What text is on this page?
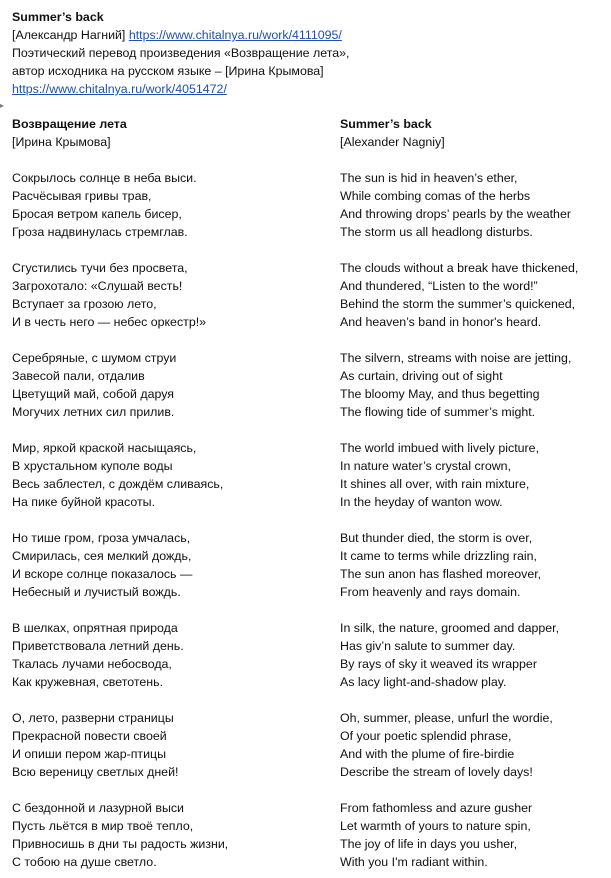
Summer’s back
[Александр Нагний] https://www.chitalnya.ru/work/4111095/
Поэтический перевод произведения «Возвращение лета»,
автор исходника на русском языке – [Ирина Крымова]
https://www.chitalnya.ru/work/4051472/
▸
Возвращение лета
[Ирина Крымова]
Сокрылось солнце в неба выси.
Расчёсывая гривы трав,
Бросая ветром капель бисер,
Гроза надвинулась стремглав.
Сгустились тучи без просвета,
Загрохотало: «Слушай весть!
Вступает за грозою лето,
И в честь него — небес оркестр!»
Серебряные, с шумом струи
Завесой пали, отдалив
Цветущий май, собой даруя
Могучих летних сил прилив.
Мир, яркой краской насыщаясь,
В хрустальном куполе воды
Весь заблестел, с дождём сливаясь,
На пике буйной красоты.
Но тише гром, гроза умчалась,
Смирилась, сея мелкий дождь,
И вскоре солнце показалось —
Небесный и лучистый вождь.
В шелках, опрятная природа
Приветствовала летний день.
Ткалась лучами небосвода,
Как кружевная, светотень.
О, лето, разверни страницы
Прекрасной повести своей
И опиши пером жар-птицы
Всю вереницу светлых дней!
С бездонной и лазурной выси
Пусть льётся в мир твоё тепло,
Привносишь в дни ты радость жизни,
С тобою на душе светло.
Summer’s back
[Alexander Nagniy]
The sun is hid in heaven’s ether,
While combing comas of the herbs
And throwing drops’ pearls by the weather
The storm us all headlong disturbs.
The clouds without a break have thickened,
And thundered, “Listen to the word!”
Behind the storm the summer’s quickened,
And heaven’s band in honor's heard.
The silvern, streams with noise are jetting,
As curtain, driving out of sight
The bloomy May, and thus begetting
The flowing tide of summer’s might.
The world imbued with lively picture,
In nature water’s crystal crown,
It shines all over, with rain mixture,
In the heyday of wanton wow.
But thunder died, the storm is over,
It came to terms while drizzling rain,
The sun anon has flashed moreover,
From heavenly and rays domain.
In silk, the nature, groomed and dapper,
Has giv’n salute to summer day.
By rays of sky it weaved its wrapper
As lacy light-and-shadow play.
Oh, summer, please, unfurl the wordie,
Of your poetic splendid phrase,
And with the plume of fire-birdie
Describe the stream of lovely days!
From fathomless and azure gusher
Let warmth of yours to nature spin,
The joy of life in days you usher,
With you I'm radiant within.
